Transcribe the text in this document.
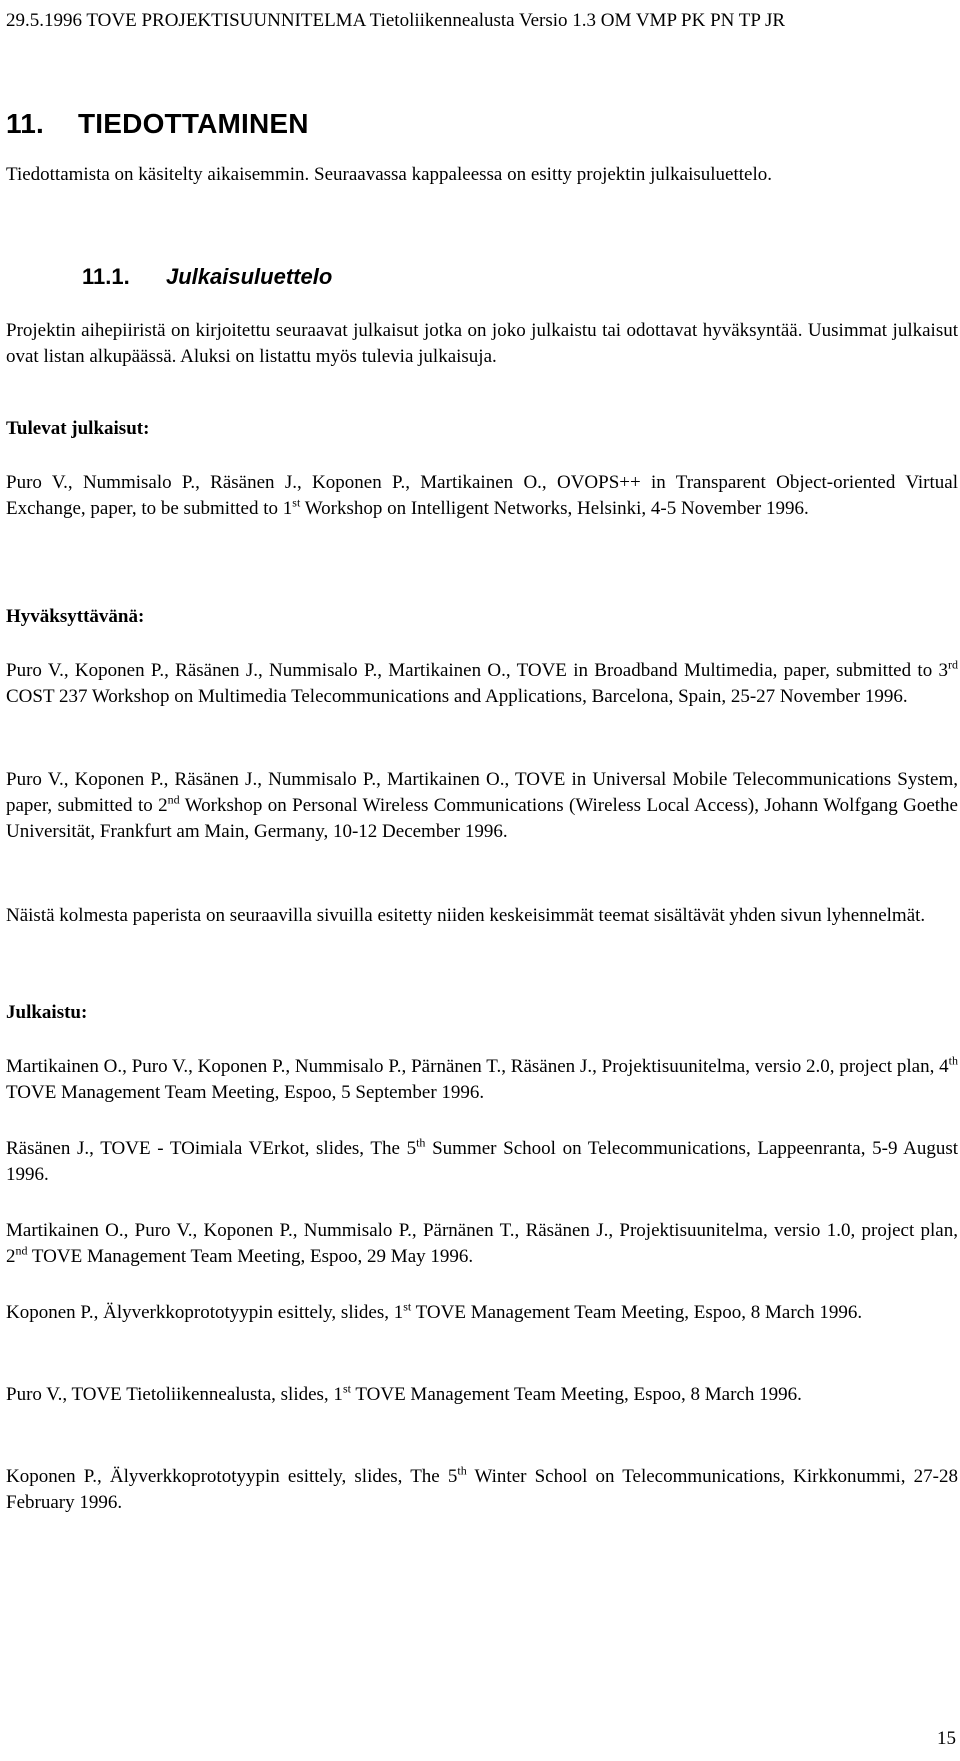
29.5.1996 TOVE PROJEKTISUUNNITELMA Tietoliikennealusta Versio 1.3 OM VMP PK PN TP JR
11. TIEDOTTAMINEN
Tiedottamista on käsitelty aikaisemmin. Seuraavassa kappaleessa on esitty projektin julkaisuluettelo.
11.1. Julkaisuluettelo
Projektin aihepiiristä on kirjoitettu seuraavat julkaisut jotka on joko julkaistu tai odottavat hyväksyntää. Uusimmat julkaisut ovat listan alkupäässä. Aluksi on listattu myös tulevia julkaisuja.
Tulevat julkaisut:
Puro V., Nummisalo P., Räsänen J., Koponen P., Martikainen O., OVOPS++ in Transparent Object-oriented Virtual Exchange, paper, to be submitted to 1st Workshop on Intelligent Networks, Helsinki, 4-5 November 1996.
Hyväksyttävänä:
Puro V., Koponen P., Räsänen J., Nummisalo P., Martikainen O., TOVE in Broadband Multimedia, paper, submitted to 3rd COST 237 Workshop on Multimedia Telecommunications and Applications, Barcelona, Spain, 25-27 November 1996.
Puro V., Koponen P., Räsänen J., Nummisalo P., Martikainen O., TOVE in Universal Mobile Telecommunications System, paper, submitted to 2nd Workshop on Personal Wireless Communications (Wireless Local Access), Johann Wolfgang Goethe Universität, Frankfurt am Main, Germany, 10-12 December 1996.
Näistä kolmesta paperista on seuraavilla sivuilla esitetty niiden keskeisimmät teemat sisältävät yhden sivun lyhennelmät.
Julkaistu:
Martikainen O., Puro V., Koponen P., Nummisalo P., Pärnänen T., Räsänen J., Projektisuunitelma, versio 2.0, project plan, 4th TOVE Management Team Meeting, Espoo, 5 September 1996.
Räsänen J., TOVE - TOimiala VErkot, slides, The 5th Summer School on Telecommunications, Lappeenranta, 5-9 August 1996.
Martikainen O., Puro V., Koponen P., Nummisalo P., Pärnänen T., Räsänen J., Projektisuunitelma, versio 1.0, project plan, 2nd TOVE Management Team Meeting, Espoo, 29 May 1996.
Koponen P., Älyverkkoprototyypin esittely, slides, 1st TOVE Management Team Meeting, Espoo, 8 March 1996.
Puro V., TOVE Tietoliikennealusta, slides, 1st TOVE Management Team Meeting, Espoo, 8 March 1996.
Koponen P., Älyverkkoprototyypin esittely, slides, The 5th Winter School on Telecommunications, Kirkkonummi, 27-28 February 1996.
15
